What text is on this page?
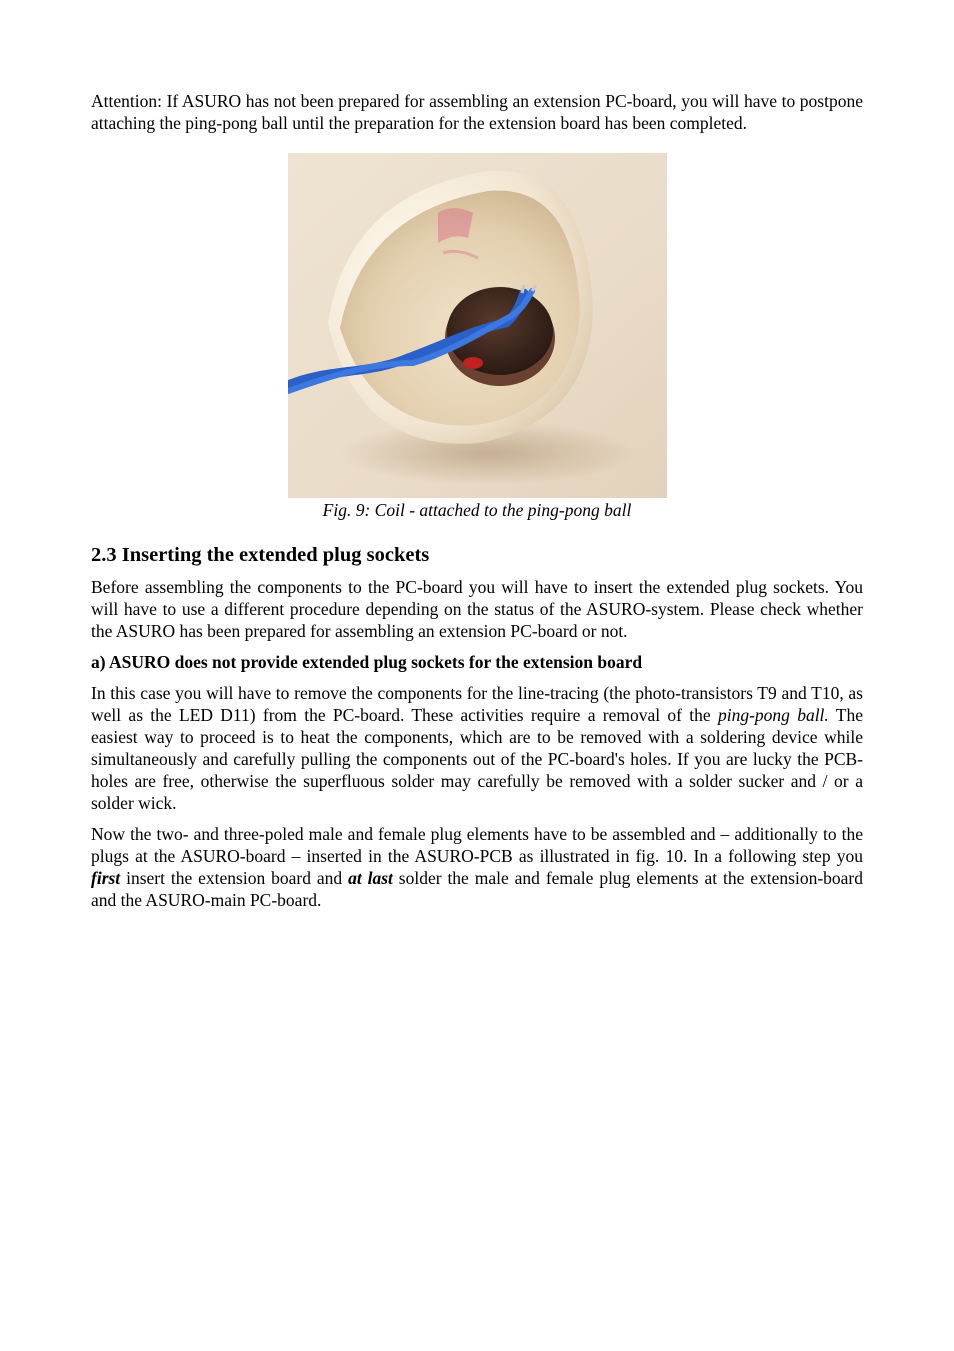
Attention: If ASURO has not been prepared for assembling an extension PC-board, you will have to postpone attaching the ping-pong ball until the preparation for the extension board has been completed.

Fig. 9: Coil - attached to the ping-pong ball
2.3 Inserting the extended plug sockets

Before assembling the components to the PC-board you will have to insert the extended plug sockets. You will have to use a different procedure depending on the status of the ASURO-system. Please check whether the ASURO has been prepared for assembling an extension PC-board or not.

a) ASURO does not provide extended plug sockets for the extension board

In this case you will have to remove the components for the line-tracing (the photo-transistors T9 and T10, as well as the LED D11) from the PC-board. These activities require a removal of the ping-pong ball. The easiest way to proceed is to heat the components, which are to be removed with a soldering device while simultaneously and carefully pulling the components out of the PC-board's holes. If you are lucky the PCB-holes are free, otherwise the superfluous solder may carefully be removed with a solder sucker and / or a solder wick.

Now the two- and three-poled male and female plug elements have to be assembled and – additionally to the plugs at the ASURO-board – inserted in the ASURO-PCB as illustrated in fig. 10. In a following step you first insert the extension board and at last solder the male and female plug elements at the extension-board and the ASURO-main PC-board.
